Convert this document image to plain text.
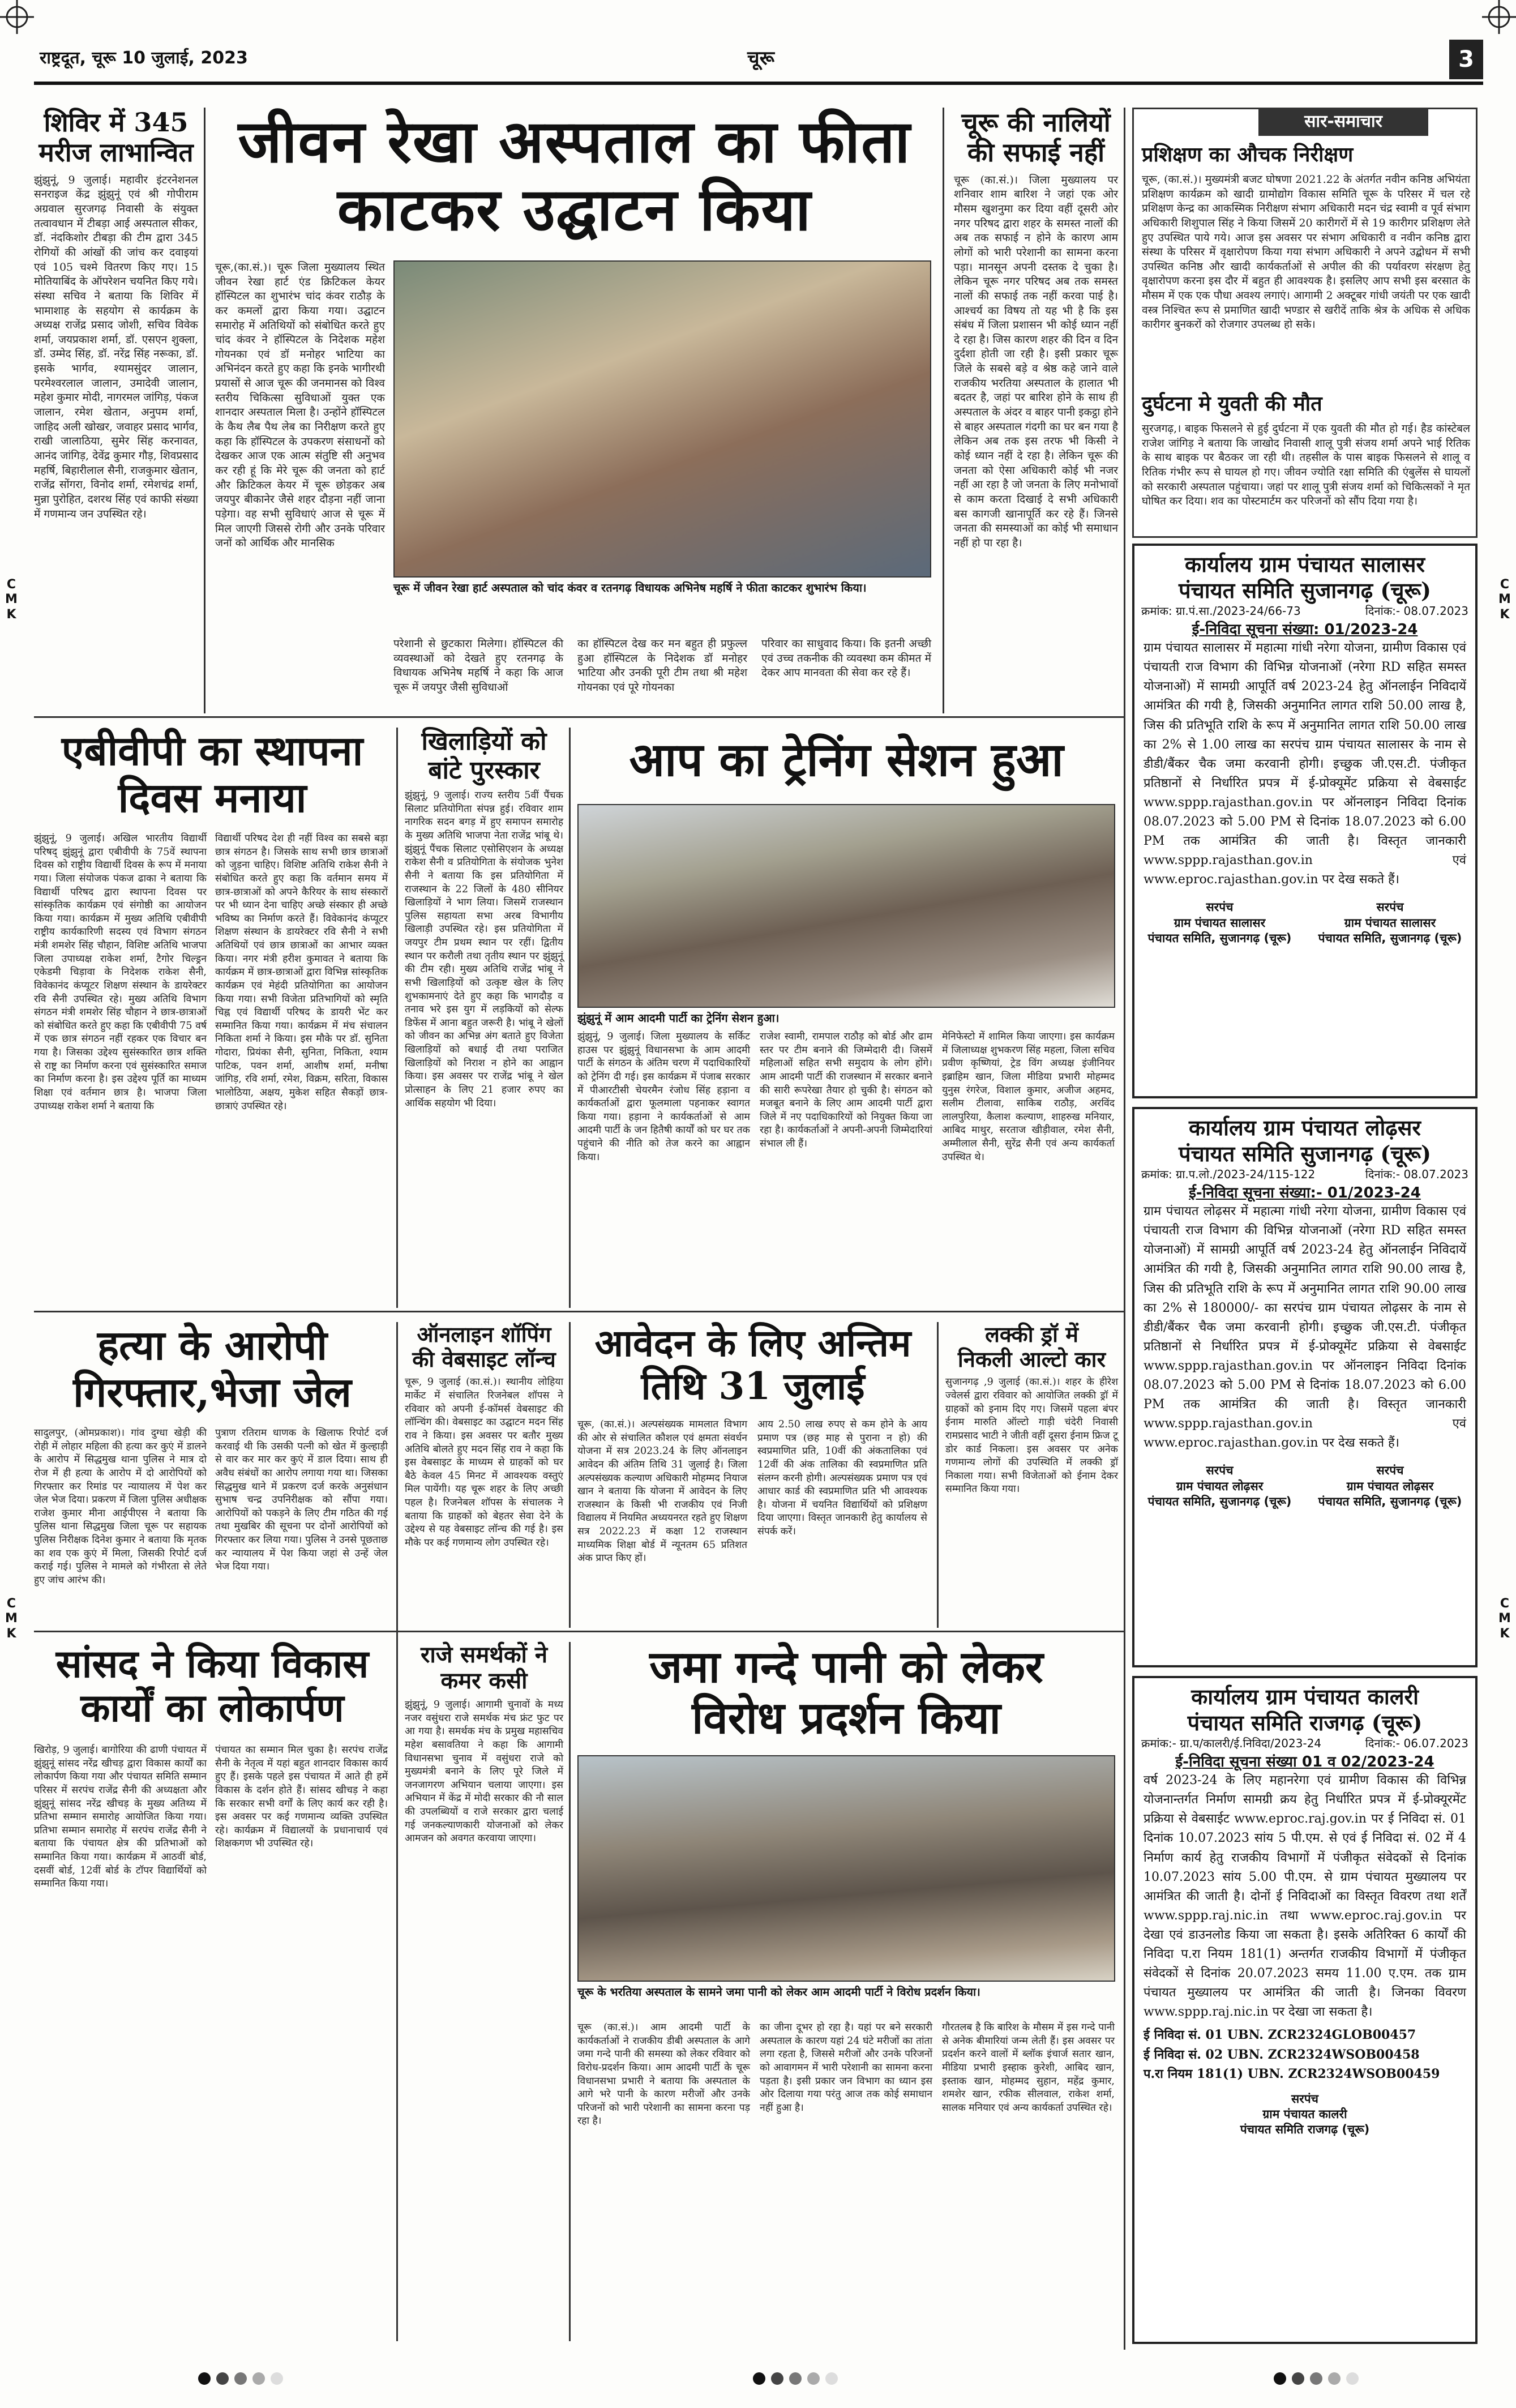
राष्ट्रदूत, चूरू 10 जुलाई, 2023	चूरू	3
C M K
C M K
C M K
C M K
शिविर में 345
मरीज लाभान्वित
झुंझुनूं, 9 जुलाई। महावीर इंटरनेशनल सनराइज केंद्र झुंझुनूं एवं श्री गोपीराम अग्रवाल सुरजगढ़ निवासी के संयुक्त तत्वावधान में टीबड़ा आई अस्पताल सीकर, डॉ. नंदकिशोर टीबड़ा की टीम द्वारा 345 रोगियों की आंखों की जांच कर दवाइयां एवं 105 चश्मे वितरण किए गए। 15 मोतियाबिंद के ऑपरेशन चयनित किए गये। संस्था सचिव ने बताया कि शिविर में भामाशाह के सहयोग से कार्यक्रम के अध्यक्ष राजेंद्र प्रसाद जोशी, सचिव विवेक शर्मा, जयप्रकाश शर्मा, डॉ. एसएन शुक्ला, डॉ. उम्मेद सिंह, डॉ. नरेंद्र सिंह नरूका, डॉ. इसके भार्गव, श्यामसुंदर जालान, परमेश्वरलाल जालान, उमादेवी जालान, महेश कुमार मोदी, नागरमल जांगिड़, पंकज जालान, रमेश खेतान, अनुपम शर्मा, जाहिद अली खोखर, जवाहर प्रसाद भार्गव, राखी जालाठिया, सुमेर सिंह करनावत, आनंद जांगिड़, देवेंद्र कुमार गौड़, शिवप्रसाद महर्षि, बिहारीलाल सैनी, राजकुमार खेतान, राजेंद्र सोंगरा, विनोद शर्मा, रमेशचंद्र शर्मा, मुन्ना पुरोहित, दशरथ सिंह एवं काफी संख्या में गणमान्य जन उपस्थित रहे।
जीवन रेखा अस्पताल का फीता
काटकर उद्घाटन किया
चूरू,(का.सं.)। चूरू जिला मुख्यालय स्थित जीवन रेखा हार्ट एंड क्रिटिकल केयर हॉस्पिटल का शुभारंभ चांद कंवर राठौड़ के कर कमलों द्वारा किया गया। उद्घाटन समारोह में अतिथियों को संबोधित करते हुए चांद कंवर ने हॉस्पिटल के निदेशक महेश गोयनका एवं डॉ मनोहर भाटिया का अभिनंदन करते हुए कहा कि इनके भागीरथी प्रयासों से आज चूरू की जनमानस को विश्व स्तरीय चिकित्सा सुविधाओं युक्त एक शानदार अस्पताल मिला है। उन्होंने हॉस्पिटल के कैथ लैब पैथ लेब का निरीक्षण करते हुए कहा कि हॉस्पिटल के उपकरण संसाधनों को देखकर आज एक आत्म संतुष्टि सी अनुभव कर रही हूं कि मेरे चूरू की जनता को हार्ट और क्रिटिकल केयर में चूरू छोड़कर अब जयपुर बीकानेर जैसे शहर दौड़ना नहीं जाना पड़ेगा। वह सभी सुविधाएं आज से चूरू में मिल जाएगी जिससे रोगी और उनके परिवार जनों को आर्थिक और मानसिक
चूरू में जीवन रेखा हार्ट अस्पताल को चांद कंवर व रतनगढ़ विधायक अभिनेष महर्षि ने फीता काटकर शुभारंभ किया।
परेशानी से छुटकारा मिलेगा। हॉस्पिटल की व्यवस्थाओं को देखते हुए रतनगढ़ के विधायक अभिनेष महर्षि ने कहा कि आज चूरू में जयपुर जैसी सुविधाओं
का हॉस्पिटल देख कर मन बहुत ही प्रफुल्ल हुआ हॉस्पिटल के निदेशक डॉ मनोहर भाटिया और उनकी पूरी टीम तथा श्री महेश गोयनका एवं पूरे गोयनका
परिवार का साधुवाद किया। कि इतनी अच्छी एवं उच्च तकनीक की व्यवस्था कम कीमत में देकर आप मानवता की सेवा कर रहे हैं।
चूरू की नालियों
की सफाई नहीं
चूरू (का.सं.)। जिला मुख्यालय पर शनिवार शाम बारिश ने जहां एक ओर मौसम खुशनुमा कर दिया वहीं दूसरी ओर नगर परिषद द्वारा शहर के समस्त नालों की अब तक सफाई न होने के कारण आम लोगों को भारी परेशानी का सामना करना पड़ा। मानसून अपनी दस्तक दे चुका है। लेकिन चूरू नगर परिषद अब तक समस्त नालों की सफाई तक नहीं करवा पाई है। आश्चर्य का विषय तो यह भी है कि इस संबंध में जिला प्रशासन भी कोई ध्यान नहीं दे रहा है। जिस कारण शहर की दिन व दिन दुर्दशा होती जा रही है। इसी प्रकार चूरू जिले के सबसे बड़े व श्रेष्ठ कहे जाने वाले राजकीय भरतिया अस्पताल के हालात भी बदतर है, जहां पर बारिश होने के साथ ही अस्पताल के अंदर व बाहर पानी इकट्ठा होने से बाहर अस्पताल गंदगी का घर बन गया है लेकिन अब तक इस तरफ भी किसी ने कोई ध्यान नहीं दे रहा है। लेकिन चूरू की जनता को ऐसा अधिकारी कोई भी नजर नहीं आ रहा है जो जनता के लिए मनोभावों से काम करता दिखाई दे सभी अधिकारी बस कागजी खानापूर्ति कर रहे हैं। जिनसे जनता की समस्याओं का कोई भी समाधान नहीं हो पा रहा है।
सार-समाचार
प्रशिक्षण का औचक निरीक्षण
चूरू, (का.सं.)। मुख्यमंत्री बजट घोषणा 2021.22 के अंतर्गत नवीन कनिष्ठ अभियंता प्रशिक्षण कार्यक्रम को खादी ग्रामोद्योग विकास समिति चूरू के परिसर में चल रहे प्रशिक्षण केन्द्र का आकस्मिक निरीक्षण संभाग अधिकारी मदन चंद्र स्वामी व पूर्व संभाग अधिकारी शिशुपाल सिंह ने किया जिसमें 20 कारीगरों में से 19 कारीगर प्रशिक्षण लेते हुए उपस्थित पाये गये। आज इस अवसर पर संभाग अधिकारी व नवीन कनिष्ठ द्वारा संस्था के परिसर में वृक्षारोपण किया गया संभाग अधिकारी ने अपने उद्बोधन में सभी उपस्थित कनिष्ठ और खादी कार्यकर्ताओं से अपील की की पर्यावरण संरक्षण हेतु वृक्षारोपण करना इस दौर में बहुत ही आवश्यक है। इसलिए आप सभी इस बरसात के मौसम में एक एक पौधा अवश्य लगाएं। आगामी 2 अक्टूबर गांधी जयंती पर एक खादी वस्त्र निश्चित रूप से प्रमाणित खादी भण्डार से खरीदें ताकि श्रेत्र के अधिक से अधिक कारीगर बुनकरों को रोजगार उपलब्ध हो सके।
दुर्घटना मे युवती की मौत
सुरजगढ़,। बाइक फिसलने से हुई दुर्घटना में एक युवती की मौत हो गई। हैड कांस्टेबल राजेश जांगिड़ ने बताया कि जाखोद निवासी शालू पुत्री संजय शर्मा अपने भाई रितिक के साथ बाइक पर बैठकर जा रही थी। तहसील के पास बाइक फिसलने से शालू व रितिक गंभीर रूप से घायल हो गए। जीवन ज्योति रक्षा समिति की एंबुलेंस से घायलों को सरकारी अस्पताल पहुंचाया। जहां पर शालू पुत्री संजय शर्मा को चिकित्सकों ने मृत घोषित कर दिया। शव का पोस्टमार्टम कर परिजनों को सौंप दिया गया है।
एबीवीपी का स्थापना
दिवस मनाया
झुंझुनूं, 9 जुलाई। अखिल भारतीय विद्यार्थी परिषद् झुंझुनूं द्वारा एबीवीपी के 75वें स्थापना दिवस को राष्ट्रीय विद्यार्थी दिवस के रूप में मनाया गया। जिला संयोजक पंकज ढाका ने बताया कि विद्यार्थी परिषद द्वारा स्थापना दिवस पर सांस्कृतिक कार्यक्रम एवं संगोष्ठी का आयोजन किया गया। कार्यक्रम में मुख्य अतिथि एबीवीपी राष्ट्रीय कार्यकारिणी सदस्य एवं विभाग संगठन मंत्री शमशेर सिंह चौहान, विशिष्ट अतिथि भाजपा जिला उपाध्यक्ष राकेश शर्मा, टैगोर चिल्ड्रन एकेडमी चिड़ावा के निदेशक राकेश सैनी, विवेकानंद कंप्यूटर शिक्षण संस्थान के डायरेक्टर रवि सैनी उपस्थित रहे। मुख्य अतिथि विभाग संगठन मंत्री शमशेर सिंह चौहान ने छात्र-छात्राओं को संबोधित करते हुए कहा कि एबीवीपी 75 वर्ष में एक छात्र संगठन नहीं रहकर एक विचार बन गया है। जिसका उद्देश्य सुसंस्कारित छात्र शक्ति से राष्ट्र का निर्माण करना एवं सुसंस्कारित समाज का निर्माण करना है। इस उद्देश्य पूर्ति का माध्यम शिक्षा एवं वर्तमान छात्र है। भाजपा जिला उपाध्यक्ष राकेश शर्मा ने बताया कि
विद्यार्थी परिषद देश ही नहीं विश्व का सबसे बड़ा छात्र संगठन है। जिसके साथ सभी छात्र छात्राओं को जुड़ना चाहिए। विशिष्ट अतिथि राकेश सैनी ने संबोधित करते हुए कहा कि वर्तमान समय में छात्र-छात्राओं को अपने कैरियर के साथ संस्कारों पर भी ध्यान देना चाहिए अच्छे संस्कार ही अच्छे भविष्य का निर्माण करते हैं। विवेकानंद कंप्यूटर शिक्षण संस्थान के डायरेक्टर रवि सैनी ने सभी अतिथियों एवं छात्र छात्राओं का आभार व्यक्त किया। नगर मंत्री हरीश कुमावत ने बताया कि कार्यक्रम में छात्र-छात्राओं द्वारा विभिन्न सांस्कृतिक कार्यक्रम एवं मेहंदी प्रतियोगिता का आयोजन किया गया। सभी विजेता प्रतिभागियों को स्मृति चिह्न एवं विद्यार्थी परिषद के डायरी भेंट कर सम्मानित किया गया। कार्यक्रम में मंच संचालन निकिता शर्मा ने किया। इस मौके पर डॉ. सुनिता गोदारा, प्रियंका सैनी, सुनिता, निकिता, श्याम पाटिक, पवन शर्मा, आशीष शर्मा, मनीषा जांगिड़, रवि शर्मा, रमेश, विक्रम, सरिता, विकास भालोठिया, अक्षय, मुकेश सहित सैकड़ों छात्र-छात्राएं उपस्थित रहे।
खिलाड़ियों को
बांटे पुरस्कार
झुंझुनूं, 9 जुलाई। राज्य स्तरीय 5वीं पैंचक सिलाट प्रतियोगिता संपन्न हुई। रविवार शाम नागरिक सदन बगड़ में हुए समापन समारोह के मुख्य अतिथि भाजपा नेता राजेंद्र भांबू थे। झुंझुनूं पैंचक सिलाट एसोसिएशन के अध्यक्ष राकेश सैनी व प्रतियोगिता के संयोजक भुनेश सैनी ने बताया कि इस प्रतियोगिता में राजस्थान के 22 जिलों के 480 सीनियर खिलाड़ियों ने भाग लिया। जिसमें राजस्थान पुलिस सहायता सभा अरब विभागीय खिलाड़ी उपस्थित रहे। इस प्रतियोगिता में जयपुर टीम प्रथम स्थान पर रहीं। द्वितीय स्थान पर करौली तथा तृतीय स्थान पर झुंझुनूं की टीम रही। मुख्य अतिथि राजेंद्र भांबू ने सभी खिलाड़ियों को उत्कृष्ट खेल के लिए शुभकामनाएं देते हुए कहा कि भागदौड़ व तनाव भरे इस युग में लड़कियों को सेल्फ डिफेंस में आना बहुत जरूरी है। भांबू ने खेलों को जीवन का अभिन्न अंग बताते हुए विजेता खिलाड़ियों को बधाई दी तथा पराजित खिलाड़ियों को निराश न होने का आह्वान किया। इस अवसर पर राजेंद्र भांबू ने खेल प्रोत्साहन के लिए 21 हजार रुपए का आर्थिक सहयोग भी दिया।
आप का ट्रेनिंग सेशन हुआ
झुंझुनूं में आम आदमी पार्टी का ट्रेनिंग सेशन हुआ।
झुंझुनूं, 9 जुलाई। जिला मुख्यालय के सर्किट हाउस पर झुंझुनूं विधानसभा के आम आदमी पार्टी के संगठन के अंतिम चरण में पदाधिकारियों को ट्रेनिंग दी गई। इस कार्यक्रम में पंजाब सरकार में पीआरटीसी चेयरमैन रंजोध सिंह हड़ाना व कार्यकर्ताओं द्वारा फूलमाला पहनाकर स्वागत किया गया। हड़ाना ने कार्यकर्ताओं से आम आदमी पार्टी के जन हितैषी कार्यों को घर घर तक पहुंचाने की नीति को तेज करने का आह्वान किया।
राजेश स्वामी, रामपाल राठौड़ को बोर्ड और ढाम स्तर पर टीम बनाने की जिम्मेदारी दी। जिसमें महिलाओं सहित सभी समुदाय के लोग होंगे। आम आदमी पार्टी की राजस्थान में सरकार बनाने की सारी रूपरेखा तैयार हो चुकी है। संगठन को मजबूत बनाने के लिए आम आदमी पार्टी द्वारा जिले में नए पदाधिकारियों को नियुक्त किया जा रहा है। कार्यकर्ताओं ने अपनी-अपनी जिम्मेदारियां संभाल ली हैं।
मेनिफेस्टो में शामिल किया जाएगा। इस कार्यक्रम में जिलाध्यक्ष शुभकरण सिंह महला, जिला सचिव प्रवीण कृष्णियां, ट्रेड विंग अध्यक्ष इंजीनियर इब्राहिम खान, जिला मीडिया प्रभारी मोहम्मद युनुस रंगरेज, विशाल कुमार, अजीज अहमद, सलीम टीलावा, साकिब राठौड़, अरविंद लालपुरिया, कैलाश कल्याण, शाहरुख मनियार, आबिद माथुर, सरताज खीड़ीवाल, रमेश सैनी, अम्मीलाल सैनी, सुरेंद्र सैनी एवं अन्य कार्यकर्ता उपस्थित थे।
हत्या के आरोपी
गिरफ्तार,भेजा जेल
सादुलपुर, (ओमप्रकाश)। गांव दुग्धा खेड़ी की रोही में लोहार महिला की हत्या कर कुएं में डालने के आरोप में सिद्धमुख थाना पुलिस ने मात्र दो रोज में ही हत्या के आरोप में दो आरोपियों को गिरफ्तार कर रिमांड पर न्यायालय में पेश कर जेल भेज दिया। प्रकरण में जिला पुलिस अधीक्षक राजेश कुमार मीना आईपीएस ने बताया कि पुलिस थाना सिद्धमुख जिला चूरू पर सहायक पुलिस निरीक्षक दिनेश कुमार ने बताया कि मृतक का शव एक कुएं में मिला, जिसकी रिपोर्ट दर्ज कराई गई। पुलिस ने मामले को गंभीरता से लेते हुए जांच आरंभ की।
पुत्राण रतिराम धाणक के खिलाफ रिपोर्ट दर्ज करवाई थी कि उसकी पत्नी को खेत में कुल्हाड़ी से वार कर मार कर कुएं में डाल दिया। साथ ही अवैध संबंधों का आरोप लगाया गया था। जिसका सिद्धमुख थाने में प्रकरण दर्ज करके अनुसंधान सुभाष चन्द्र उपनिरीक्षक को सौंपा गया। आरोपियों को पकड़ने के लिए टीम गठित की गई तथा मुखबिर की सूचना पर दोनों आरोपियों को गिरफ्तार कर लिया गया। पुलिस ने उनसे पूछताछ कर न्यायालय में पेश किया जहां से उन्हें जेल भेज दिया गया।
ऑनलाइन शॉपिंग
की वेबसाइट लॉन्च
चूरू, 9 जुलाई (का.सं.)। स्थानीय लोहिया मार्केट में संचालित रिजनेबल शॉपस ने रविवार को अपनी ई-कॉमर्स वेबसाइट की लॉन्चिंग की। वेबसाइट का उद्घाटन मदन सिंह राव ने किया। इस अवसर पर बतौर मुख्य अतिथि बोलते हुए मदन सिंह राव ने कहा कि इस वेबसाइट के माध्यम से ग्राहकों को घर बैठे केवल 45 मिनट में आवश्यक वस्तुएं मिल पायेंगी। यह चूरू शहर के लिए अच्छी पहल है। रिजनेबल शॉपस के संचालक ने बताया कि ग्राहकों को बेहतर सेवा देने के उद्देश्य से यह वेबसाइट लॉन्च की गई है। इस मौके पर कई गणमान्य लोग उपस्थित रहे।
आवेदन के लिए अन्तिम
तिथि 31 जुलाई
चूरू, (का.सं.)। अल्पसंख्यक मामलात विभाग की ओर से संचालित कौशल एवं क्षमता संवर्धन योजना में सत्र 2023.24 के लिए ऑनलाइन आवेदन की अंतिम तिथि 31 जुलाई है। जिला अल्पसंख्यक कल्याण अधिकारी मोहम्मद नियाज खान ने बताया कि योजना में आवेदन के लिए राजस्थान के किसी भी राजकीय एवं निजी विद्यालय में नियमित अध्ययनरत रहते हुए शिक्षण सत्र 2022.23 में कक्षा 12 राजस्थान माध्यमिक शिक्षा बोर्ड में न्यूनतम 65 प्रतिशत अंक प्राप्त किए हों।
आय 2.50 लाख रुपए से कम होने के आय प्रमाण पत्र (छह माह से पुराना न हो) की स्वप्रमाणित प्रति, 10वीं की अंकतालिका एवं 12वीं की अंक तालिका की स्वप्रमाणित प्रति संलग्न करनी होगी। अल्पसंख्यक प्रमाण पत्र एवं आधार कार्ड की स्वप्रमाणित प्रति भी आवश्यक है। योजना में चयनित विद्यार्थियों को प्रशिक्षण दिया जाएगा। विस्तृत जानकारी हेतु कार्यालय से संपर्क करें।
लक्की ड्रॉ में
निकली आल्टो कार
सुजानगढ़ ,9 जुलाई (का.सं.)। शहर के हीरेश ज्वेलर्स द्वारा रविवार को आयोजित लक्की ड्रॉ में ग्राहकों को इनाम दिए गए। जिसमें पहला बंपर ईनाम मारुति ऑल्टो गाड़ी चंदेरी निवासी रामप्रसाद भाटी ने जीती वहीं दूसरा ईनाम फ्रिज टू डोर कार्ड निकला। इस अवसर पर अनेक गणमान्य लोगों की उपस्थिति में लक्की ड्रॉ निकाला गया। सभी विजेताओं को ईनाम देकर सम्मानित किया गया।
सांसद ने किया विकास
कार्यों का लोकार्पण
खिरोड़, 9 जुलाई। बागोरिया की ढाणी पंचायत में झुंझुनूं सांसद नरेंद्र खीचड़ द्वारा विकास कार्यों का लोकार्पण किया गया और पंचायत समिति सम्मान परिसर में सरपंच राजेंद्र सैनी की अध्यक्षता और झुंझुनूं सांसद नरेंद्र खीचड़ के मुख्य अतिथ्य में प्रतिभा सम्मान समारोह आयोजित किया गया। प्रतिभा सम्मान समारोह में सरपंच राजेंद्र सैनी ने बताया कि पंचायत क्षेत्र की प्रतिभाओं को सम्मानित किया गया। कार्यक्रम में आठवीं बोर्ड, दसवीं बोर्ड, 12वीं बोर्ड के टॉपर विद्यार्थियों को सम्मानित किया गया।
पंचायत का सम्मान मिल चुका है। सरपंच राजेंद्र सैनी के नेतृत्व में यहां बहुत शानदार विकास कार्य हुए हैं। इसके पहले इस पंचायत में आते ही हमें विकास के दर्शन होते हैं। सांसद खीचड़ ने कहा कि सरकार सभी वर्गों के लिए कार्य कर रही है। इस अवसर पर कई गणमान्य व्यक्ति उपस्थित रहे। कार्यक्रम में विद्यालयों के प्रधानाचार्य एवं शिक्षकगण भी उपस्थित रहे।
राजे समर्थकों ने
कमर कसी
झुंझुनूं, 9 जुलाई। आगामी चुनावों के मध्य नजर वसुंधरा राजे समर्थक मंच फ्रंट फुट पर आ गया है। समर्थक मंच के प्रमुख महासचिव महेश बसावतिया ने कहा कि आगामी विधानसभा चुनाव में वसुंधरा राजे को मुख्यमंत्री बनाने के लिए पूरे जिले में जनजागरण अभियान चलाया जाएगा। इस अभियान में केंद्र में मोदी सरकार की नौ साल की उपलब्धियों व राजे सरकार द्वारा चलाई गई जनकल्याणकारी योजनाओं को लेकर आमजन को अवगत करवाया जाएगा।
जमा गन्दे पानी को लेकर
विरोध प्रदर्शन किया
चूरू के भरतिया अस्पताल के सामने जमा पानी को लेकर आम आदमी पार्टी ने विरोध प्रदर्शन किया।
चूरू (का.सं.)। आम आदमी पार्टी के कार्यकर्ताओं ने राजकीय डीबी अस्पताल के आगे जमा गन्दे पानी की समस्या को लेकर रविवार को विरोध-प्रदर्शन किया। आम आदमी पार्टी के चूरू विधानसभा प्रभारी ने बताया कि अस्पताल के आगे भरे पानी के कारण मरीजों और उनके परिजनों को भारी परेशानी का सामना करना पड़ रहा है।
का जीना दूभर हो रहा है। यहां पर बने सरकारी अस्पताल के कारण यहां 24 घंटे मरीजों का तांता लगा रहता है, जिससे मरीजों और उनके परिजनों को आवागमन में भारी परेशानी का सामना करना पड़ता है। इसी प्रकार जन विभाग का ध्यान इस ओर दिलाया गया परंतु आज तक कोई समाधान नहीं हुआ है।
गौरतलब है कि बारिश के मौसम में इस गन्दे पानी से अनेक बीमारियां जन्म लेती हैं। इस अवसर पर प्रदर्शन करने वालों में ब्लॉक इंचार्ज सतार खान, मीडिया प्रभारी इस्हाक कुरेशी, आबिद खान, इस्ताक खान, मोहम्मद सुहान, महेंद्र कुमार, शमशेर खान, रफीक सीलवाल, राकेश शर्मा, सालक मनियार एवं अन्य कार्यकर्ता उपस्थित रहे।
कार्यालय ग्राम पंचायत सालासर
पंचायत समिति सुजानगढ़ (चूरू)
क्रमांक: ग्रा.पं.सा./2023-24/66-73	दिनांक:- 08.07.2023
ई-निविदा सूचना संख्या: 01/2023-24
ग्राम पंचायत सालासर में महात्मा गांधी नरेगा योजना, ग्रामीण विकास एवं पंचायती राज विभाग की विभिन्न योजनाओं (नरेगा RD सहित समस्त योजनाओं) में सामग्री आपूर्ति वर्ष 2023-24 हेतु ऑनलाईन निविदायें आमंत्रित की गयी है, जिसकी अनुमानित लागत राशि 50.00 लाख है, जिस की प्रतिभूति राशि के रूप में अनुमानित लागत राशि 50.00 लाख का 2% से 1.00 लाख का सरपंच ग्राम पंचायत सालासर के नाम से डीडी/बैंकर चैक जमा करवानी होगी। इच्छुक जी.एस.टी. पंजीकृत प्रतिष्ठानों से निर्धारित प्रपत्र में ई-प्रोक्यूमेंट प्रक्रिया से वेबसाईट www.sppp.rajasthan.gov.in पर ऑनलाइन निविदा दिनांक 08.07.2023 को 5.00 PM से दिनांक 18.07.2023 को 6.00 PM तक आमंत्रित की जाती है। विस्तृत जानकारी www.sppp.rajasthan.gov.in एवं www.eproc.rajasthan.gov.in पर देख सकते हैं।
सरपंच
ग्राम पंचायत सालासर
पंचायत समिति, सुजानगढ़ (चूरू)
सरपंच
ग्राम पंचायत सालासर
पंचायत समिति, सुजानगढ़ (चूरू)
कार्यालय ग्राम पंचायत लोढ़सर
पंचायत समिति सुजानगढ़ (चूरू)
क्रमांक: ग्रा.प.लो./2023-24/115-122	दिनांक:- 08.07.2023
ई-निविदा सूचना संख्या:- 01/2023-24
ग्राम पंचायत लोढ़सर में महात्मा गांधी नरेगा योजना, ग्रामीण विकास एवं पंचायती राज विभाग की विभिन्न योजनाओं (नरेगा RD सहित समस्त योजनाओं) में सामग्री आपूर्ति वर्ष 2023-24 हेतु ऑनलाईन निविदायें आमंत्रित की गयी है, जिसकी अनुमानित लागत राशि 90.00 लाख है, जिस की प्रतिभूति राशि के रूप में अनुमानित लागत राशि 90.00 लाख का 2% से 180000/- का सरपंच ग्राम पंचायत लोढ़सर के नाम से डीडी/बैंकर चैक जमा करवानी होगी। इच्छुक जी.एस.टी. पंजीकृत प्रतिष्ठानों से निर्धारित प्रपत्र में ई-प्रोक्यूमेंट प्रक्रिया से वेबसाईट www.sppp.rajasthan.gov.in पर ऑनलाइन निविदा दिनांक 08.07.2023 को 5.00 PM से दिनांक 18.07.2023 को 6.00 PM तक आमंत्रित की जाती है। विस्तृत जानकारी www.sppp.rajasthan.gov.in एवं www.eproc.rajasthan.gov.in पर देख सकते हैं।
सरपंच
ग्राम पंचायत लोढ़सर
पंचायत समिति, सुजानगढ़ (चूरू)
सरपंच
ग्राम पंचायत लोढ़सर
पंचायत समिति, सुजानगढ़ (चूरू)
कार्यालय ग्राम पंचायत कालरी
पंचायत समिति राजगढ़ (चूरू)
क्रमांक:- ग्रा.प/कालरी/ई.निविदा/2023-24	दिनांक:- 06.07.2023
ई-निविदा सूचना संख्या 01 व 02/2023-24
वर्ष 2023-24 के लिए महानरेगा एवं ग्रामीण विकास की विभिन्न योजनान्तर्गत निर्माण सामग्री क्रय हेतु निर्धारित प्रपत्र में ई-प्रोक्यूरमेंट प्रक्रिया से वेबसाईट www.eproc.raj.gov.in पर ई निविदा सं. 01 दिनांक 10.07.2023 सांय 5 पी.एम. से एवं ई निविदा सं. 02 में 4 निर्माण कार्य हेतु राजकीय विभागों में पंजीकृत संवेदकों से दिनांक 10.07.2023 सांय 5.00 पी.एम. से ग्राम पंचायत मुख्यालय पर आमंत्रित की जाती है। दोनों ई निविदाओं का विस्तृत विवरण तथा शर्तें www.sppp.raj.nic.in तथा www.eproc.raj.gov.in पर देखा एवं डाउनलोड किया जा सकता है। इसके अतिरिक्त 6 कार्यों की निविदा प.रा नियम 181(1) अन्तर्गत राजकीय विभागों में पंजीकृत संवेदकों से दिनांक 20.07.2023 समय 11.00 ए.एम. तक ग्राम पंचायत मुख्यालय पर आमंत्रित की जाती है। जिनका विवरण www.sppp.raj.nic.in पर देखा जा सकता है।
ई निविदा सं. 01 UBN. ZCR2324GLOB00457
ई निविदा सं. 02 UBN. ZCR2324WSOB00458
प.रा नियम 181(1) UBN. ZCR2324WSOB00459
सरपंच
ग्राम पंचायत कालरी
पंचायत समिति राजगढ़ (चूरू)
